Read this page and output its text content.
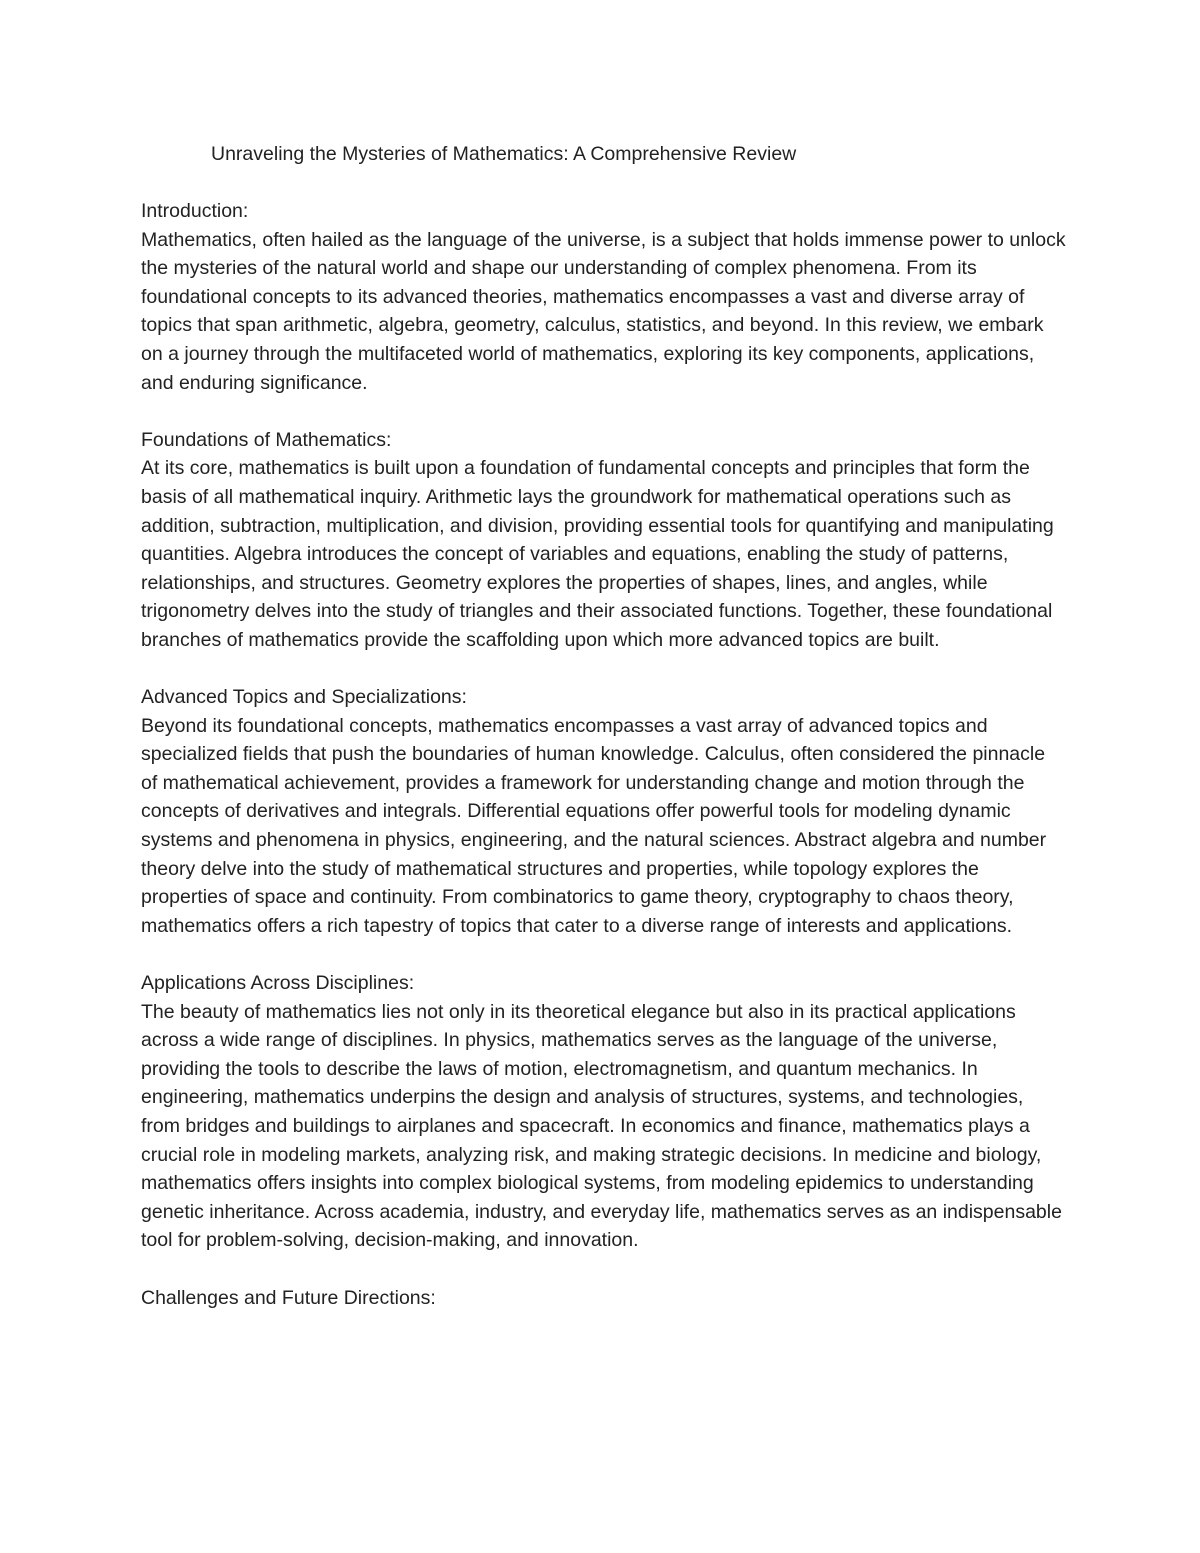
Unraveling the Mysteries of Mathematics: A Comprehensive Review
Introduction:

Mathematics, often hailed as the language of the universe, is a subject that holds immense power to unlock the mysteries of the natural world and shape our understanding of complex phenomena. From its foundational concepts to its advanced theories, mathematics encompasses a vast and diverse array of topics that span arithmetic, algebra, geometry, calculus, statistics, and beyond. In this review, we embark on a journey through the multifaceted world of mathematics, exploring its key components, applications, and enduring significance.

Foundations of Mathematics:

At its core, mathematics is built upon a foundation of fundamental concepts and principles that form the basis of all mathematical inquiry. Arithmetic lays the groundwork for mathematical operations such as addition, subtraction, multiplication, and division, providing essential tools for quantifying and manipulating quantities. Algebra introduces the concept of variables and equations, enabling the study of patterns, relationships, and structures. Geometry explores the properties of shapes, lines, and angles, while trigonometry delves into the study of triangles and their associated functions. Together, these foundational branches of mathematics provide the scaffolding upon which more advanced topics are built.

Advanced Topics and Specializations:

Beyond its foundational concepts, mathematics encompasses a vast array of advanced topics and specialized fields that push the boundaries of human knowledge. Calculus, often considered the pinnacle of mathematical achievement, provides a framework for understanding change and motion through the concepts of derivatives and integrals. Differential equations offer powerful tools for modeling dynamic systems and phenomena in physics, engineering, and the natural sciences. Abstract algebra and number theory delve into the study of mathematical structures and properties, while topology explores the properties of space and continuity. From combinatorics to game theory, cryptography to chaos theory, mathematics offers a rich tapestry of topics that cater to a diverse range of interests and applications.

Applications Across Disciplines:

The beauty of mathematics lies not only in its theoretical elegance but also in its practical applications across a wide range of disciplines. In physics, mathematics serves as the language of the universe, providing the tools to describe the laws of motion, electromagnetism, and quantum mechanics. In engineering, mathematics underpins the design and analysis of structures, systems, and technologies, from bridges and buildings to airplanes and spacecraft. In economics and finance, mathematics plays a crucial role in modeling markets, analyzing risk, and making strategic decisions. In medicine and biology, mathematics offers insights into complex biological systems, from modeling epidemics to understanding genetic inheritance. Across academia, industry, and everyday life, mathematics serves as an indispensable tool for problem-solving, decision-making, and innovation.

Challenges and Future Directions:
